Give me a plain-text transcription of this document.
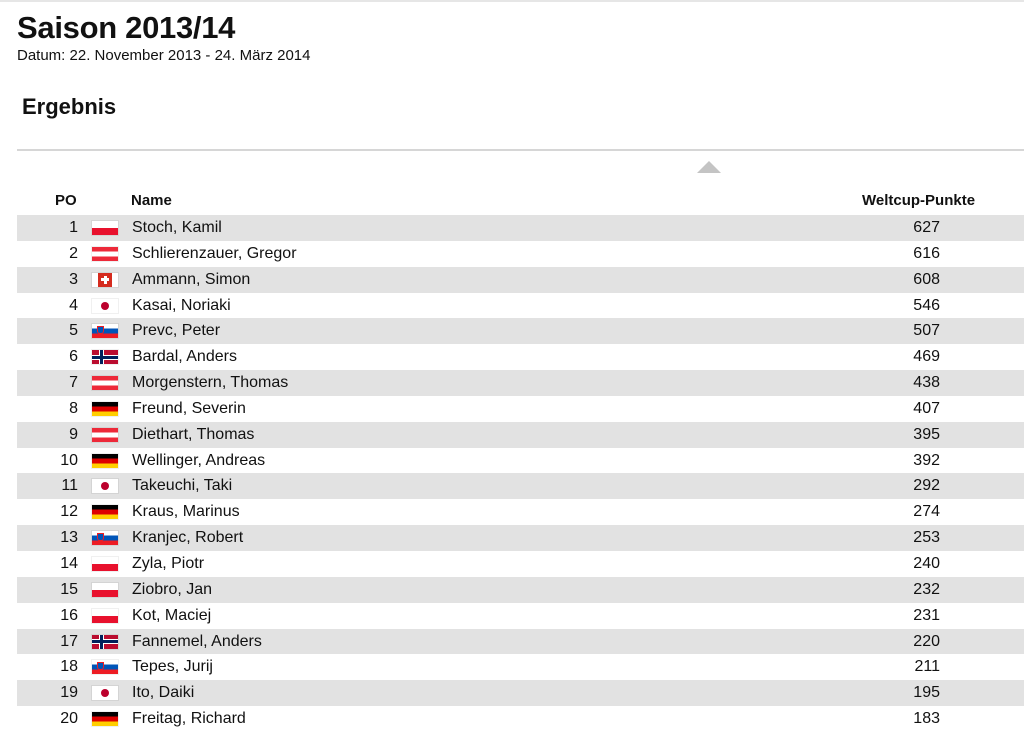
Saison 2013/14
Datum: 22. November 2013 - 24. März 2014
Ergebnis
PO	Name	Weltcup-Punkte
1	Stoch, Kamil	627
2	Schlierenzauer, Gregor	616
3	Ammann, Simon	608
4	Kasai, Noriaki	546
5	Prevc, Peter	507
6	Bardal, Anders	469
7	Morgenstern, Thomas	438
8	Freund, Severin	407
9	Diethart, Thomas	395
10	Wellinger, Andreas	392
11	Takeuchi, Taki	292
12	Kraus, Marinus	274
13	Kranjec, Robert	253
14	Zyla, Piotr	240
15	Ziobro, Jan	232
16	Kot, Maciej	231
17	Fannemel, Anders	220
18	Tepes, Jurij	211
19	Ito, Daiki	195
20	Freitag, Richard	183
